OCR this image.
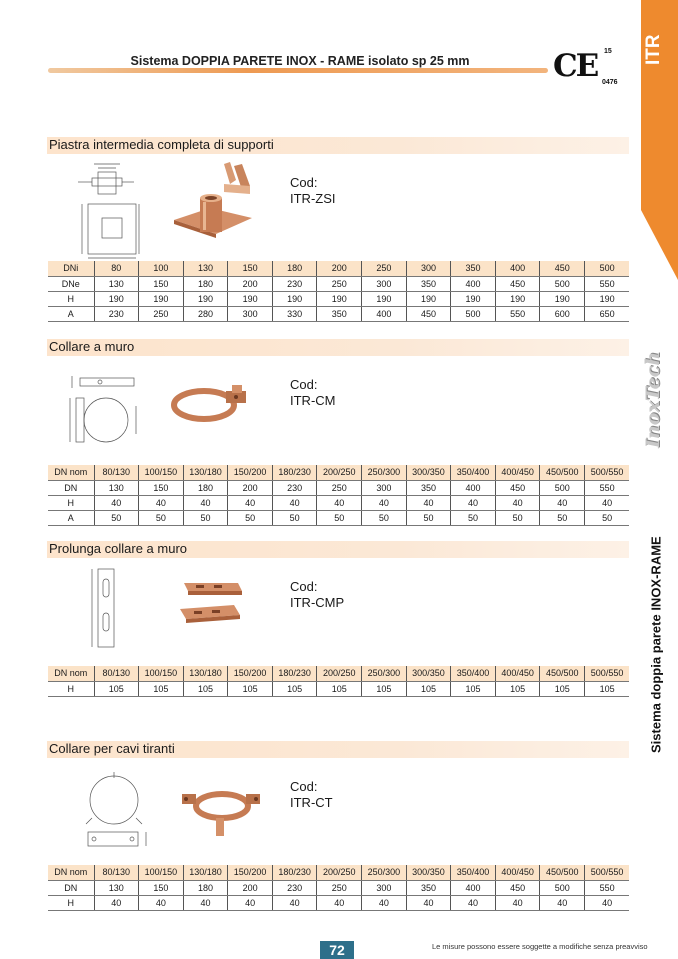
Sistema DOPPIA PARETE INOX - RAME isolato sp 25 mm	CE 15
0476
ITR
InoxTech
Sistema doppia parete INOX-RAME
Piastra intermedia completa di supporti
Cod:
ITR-ZSI
DNi	80	100	130	150	180	200	250	300	350	400	450	500
DNe	130	150	180	200	230	250	300	350	400	450	500	550
H	190	190	190	190	190	190	190	190	190	190	190	190
A	230	250	280	300	330	350	400	450	500	550	600	650
Collare a muro
Cod:
ITR-CM
DN nom	80/130	100/150	130/180	150/200	180/230	200/250	250/300	300/350	350/400	400/450	450/500	500/550
DN	130	150	180	200	230	250	300	350	400	450	500	550
H	40	40	40	40	40	40	40	40	40	40	40	40
A	50	50	50	50	50	50	50	50	50	50	50	50
Prolunga collare a muro
Cod:
ITR-CMP
DN nom	80/130	100/150	130/180	150/200	180/230	200/250	250/300	300/350	350/400	400/450	450/500	500/550
H	105	105	105	105	105	105	105	105	105	105	105	105
Collare per cavi tiranti
Cod:
ITR-CT
DN nom	80/130	100/150	130/180	150/200	180/230	200/250	250/300	300/350	350/400	400/450	450/500	500/550
DN	130	150	180	200	230	250	300	350	400	450	500	550
H	40	40	40	40	40	40	40	40	40	40	40	40
72	Le misure possono essere soggette a modifiche senza preavviso
